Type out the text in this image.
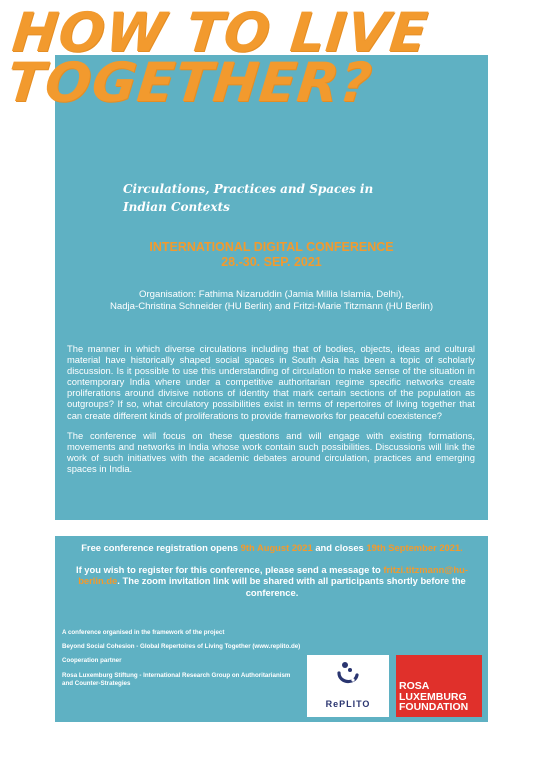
HOW TO LIVE
TOGETHER?
Circulations, Practices and Spaces in
Indian Contexts
INTERNATIONAL DIGITAL CONFERENCE
28.-30. SEP. 2021
Organisation: Fathima Nizaruddin (Jamia Millia Islamia, Delhi),
Nadja-Christina Schneider (HU Berlin) and Fritzi-Marie Titzmann (HU Berlin)

The manner in which diverse circulations including that of bodies, objects, ideas and cultural material have historically shaped social spaces in South Asia has been a topic of scholarly discussion. Is it possible to use this understanding of circulation to make sense of the situation in contemporary India where under a competitive authoritarian regime specific networks create proliferations around divisive notions of identity that mark certain sections of the population as outgroups? If so, what circulatory possibilities exist in terms of repertoires of living together that can create different kinds of proliferations to provide frameworks for peaceful coexistence?

The conference will focus on these questions and will engage with existing formations, movements and networks in India whose work contain such possibilities. Discussions will link the work of such initiatives with the academic debates around circulation, practices and emerging spaces in India.

Free conference registration opens 9th August 2021 and closes 19th September 2021.

If you wish to register for this conference, please send a message to fritzi.titzmann@hu-berlin.de. The zoom invitation link will be shared with all participants shortly before the conference.

A conference organised in the framework of the project

Beyond Social Cohesion - Global Repertoires of Living Together (www.replito.de)

Cooperation partner

Rosa Luxemburg Stiftung - International Research Group on Authoritarianism and Counter-Strategies

RePLITO
ROSA
LUXEMBURG
FOUNDATION
